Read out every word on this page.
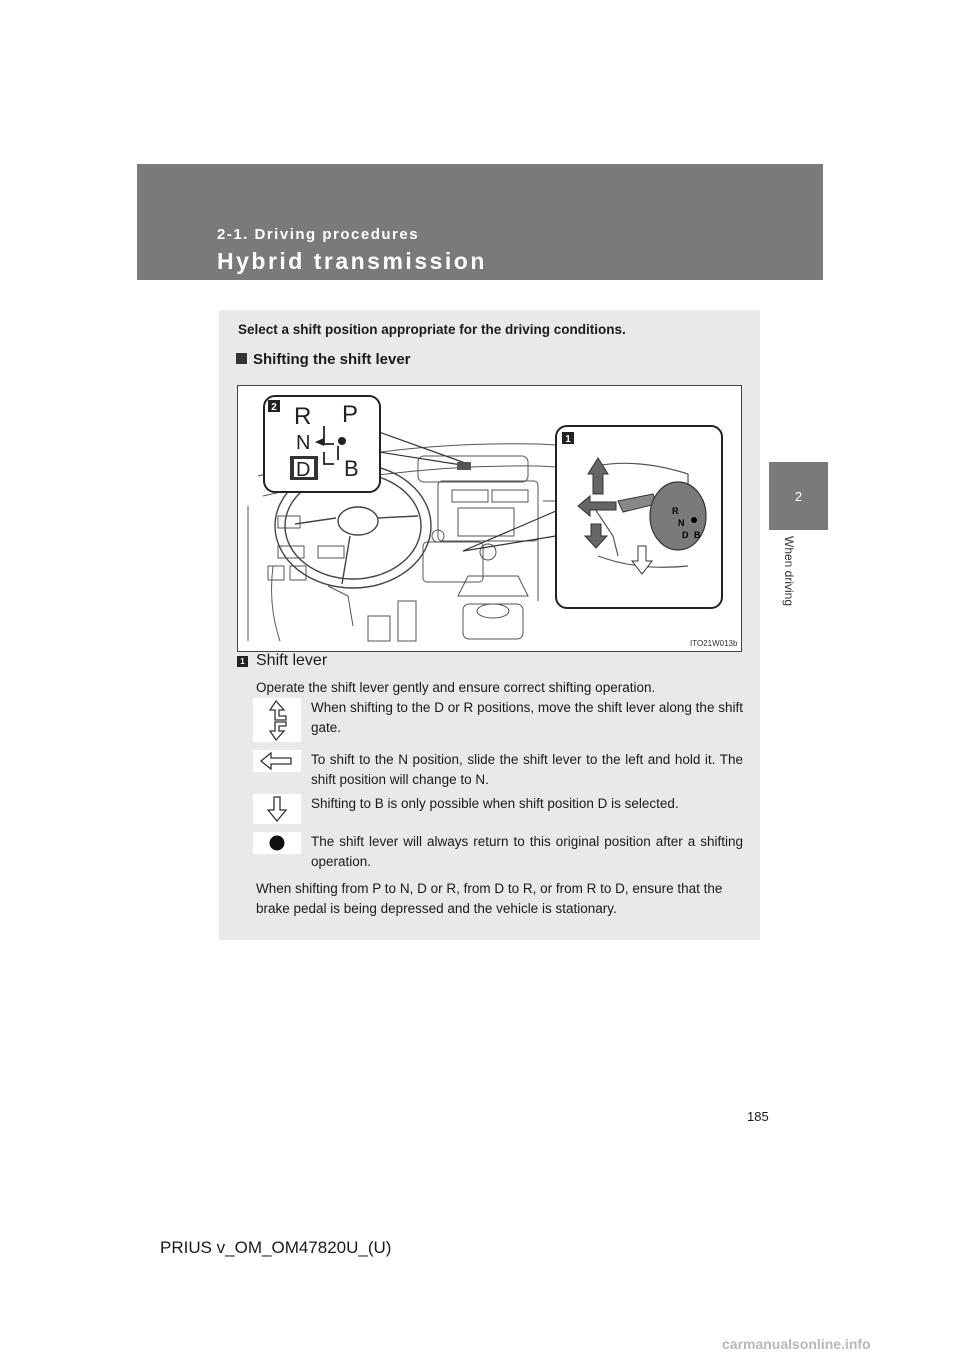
2-1. Driving procedures
Hybrid transmission
2
When driving
Select a shift position appropriate for the driving conditions.
Shifting the shift lever
2 R P
N
D B
1
R
N
D B
ITO21W013b
1 Shift lever
Operate the shift lever gently and ensure correct shifting operation.
When shifting to the D or R positions, move the shift lever along the shift gate.
To shift to the N position, slide the shift lever to the left and hold it. The shift position will change to N.
Shifting to B is only possible when shift position D is selected.
The shift lever will always return to this original position after a shifting operation.
When shifting from P to N, D or R, from D to R, or from R to D, ensure that the brake pedal is being depressed and the vehicle is stationary.
185
PRIUS v_OM_OM47820U_(U)
carmanualsonline.info
